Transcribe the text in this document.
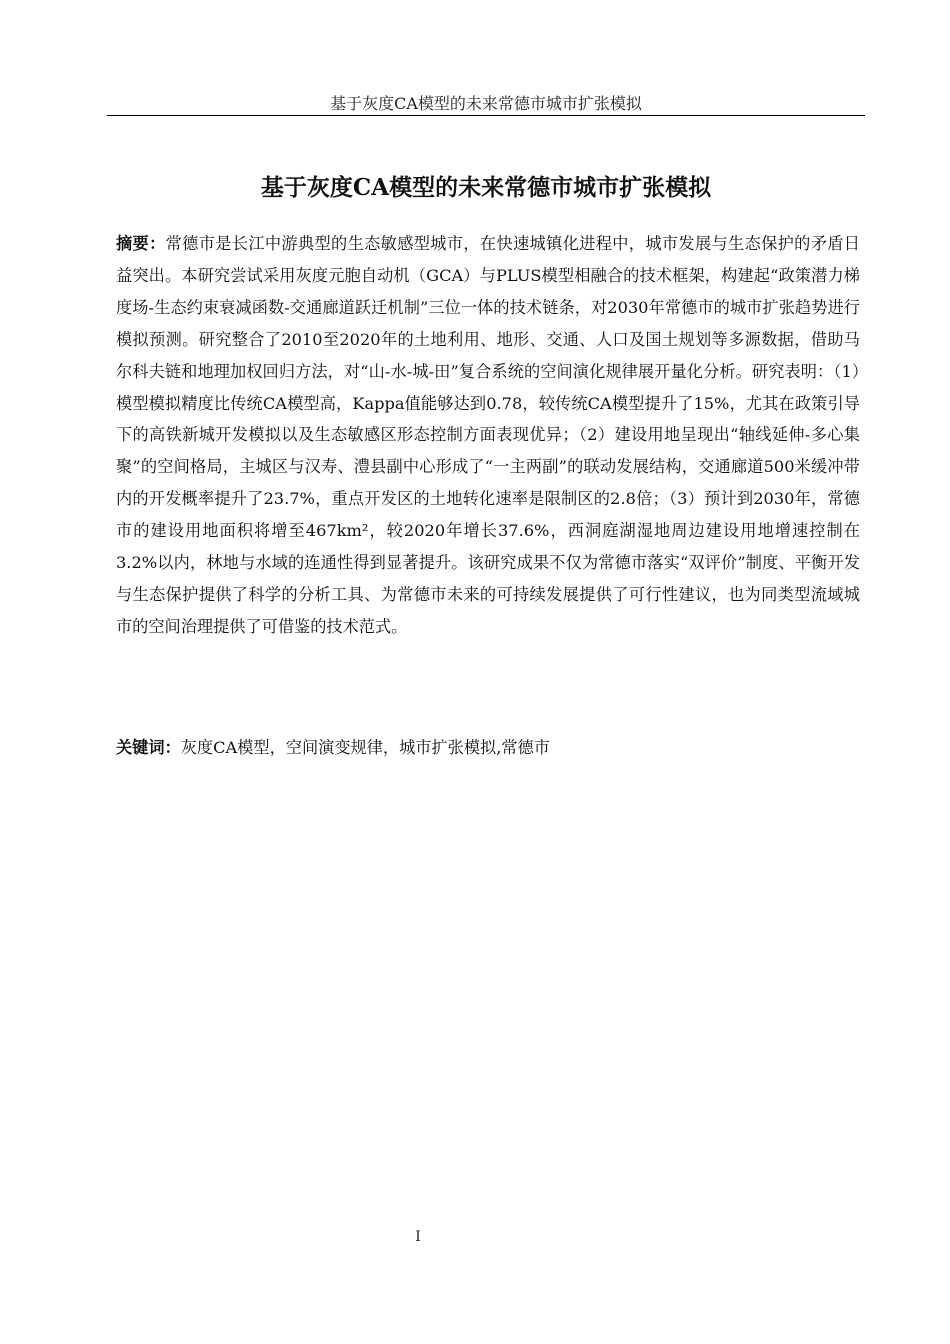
基于灰度CA模型的未来常德市城市扩张模拟
基于灰度CA模型的未来常德市城市扩张模拟

摘要：常德市是长江中游典型的生态敏感型城市，在快速城镇化进程中，城市发展与生态保护的矛盾日益突出。本研究尝试采用灰度元胞自动机（GCA）与PLUS模型相融合的技术框架，构建起“政策潜力梯度场-生态约束衰减函数-交通廊道跃迁机制”三位一体的技术链条，对2030年常德市的城市扩张趋势进行模拟预测。研究整合了2010至2020年的土地利用、地形、交通、人口及国土规划等多源数据，借助马尔科夫链和地理加权回归方法，对“山-水-城-田”复合系统的空间演化规律展开量化分析。研究表明：（1）模型模拟精度比传统CA模型高，Kappa值能够达到0.78，较传统CA模型提升了15%，尤其在政策引导下的高铁新城开发模拟以及生态敏感区形态控制方面表现优异；（2）建设用地呈现出“轴线延伸-多心集聚”的空间格局，主城区与汉寿、澧县副中心形成了“一主两副”的联动发展结构，交通廊道500米缓冲带内的开发概率提升了23.7%，重点开发区的土地转化速率是限制区的2.8倍；（3）预计到2030年，常德市的建设用地面积将增至467km²，较2020年增长37.6%，西洞庭湖湿地周边建设用地增速控制在3.2%以内，林地与水域的连通性得到显著提升。该研究成果不仅为常德市落实“双评价”制度、平衡开发与生态保护提供了科学的分析工具、为常德市未来的可持续发展提供了可行性建议，也为同类型流域城市的空间治理提供了可借鉴的技术范式。

关键词：灰度CA模型，空间演变规律，城市扩张模拟,常德市

I
